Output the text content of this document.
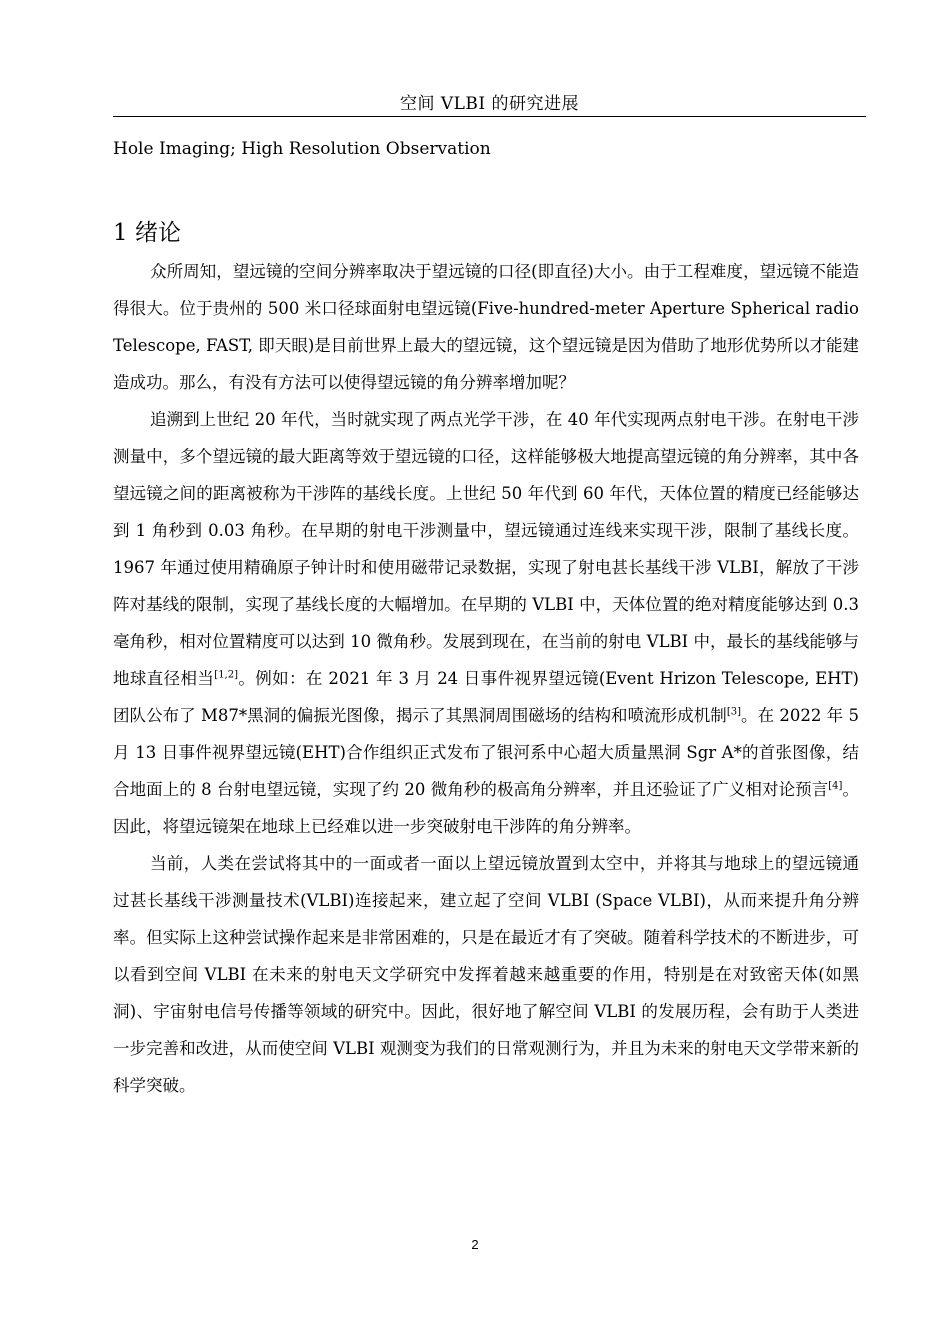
空间 VLBI 的研究进展
Hole Imaging; High Resolution Observation
1 绪论

众所周知，望远镜的空间分辨率取决于望远镜的口径(即直径)大小。由于工程难度，望远镜不能造得很大。位于贵州的 500 米口径球面射电望远镜(Five-hundred-meter Aperture Spherical radio Telescope, FAST, 即天眼)是目前世界上最大的望远镜，这个望远镜是因为借助了地形优势所以才能建造成功。那么，有没有方法可以使得望远镜的角分辨率增加呢？

追溯到上世纪 20 年代，当时就实现了两点光学干涉，在 40 年代实现两点射电干涉。在射电干涉测量中，多个望远镜的最大距离等效于望远镜的口径，这样能够极大地提高望远镜的角分辨率，其中各望远镜之间的距离被称为干涉阵的基线长度。上世纪 50 年代到 60 年代，天体位置的精度已经能够达到 1 角秒到 0.03 角秒。在早期的射电干涉测量中，望远镜通过连线来实现干涉，限制了基线长度。1967 年通过使用精确原子钟计时和使用磁带记录数据，实现了射电甚长基线干涉 VLBI，解放了干涉阵对基线的限制，实现了基线长度的大幅增加。在早期的 VLBI 中，天体位置的绝对精度能够达到 0.3 毫角秒，相对位置精度可以达到 10 微角秒。发展到现在，在当前的射电 VLBI 中，最长的基线能够与地球直径相当[1,2]。例如：在 2021 年 3 月 24 日事件视界望远镜(Event Hrizon Telescope, EHT)团队公布了 M87*黑洞的偏振光图像，揭示了其黑洞周围磁场的结构和喷流形成机制[3]。在 2022 年 5 月 13 日事件视界望远镜(EHT)合作组织正式发布了银河系中心超大质量黑洞 Sgr A*的首张图像，结合地面上的 8 台射电望远镜，实现了约 20 微角秒的极高角分辨率，并且还验证了广义相对论预言[4]。因此，将望远镜架在地球上已经难以进一步突破射电干涉阵的角分辨率。

当前，人类在尝试将其中的一面或者一面以上望远镜放置到太空中，并将其与地球上的望远镜通过甚长基线干涉测量技术(VLBI)连接起来，建立起了空间 VLBI (Space VLBI)，从而来提升角分辨率。但实际上这种尝试操作起来是非常困难的，只是在最近才有了突破。随着科学技术的不断进步，可以看到空间 VLBI 在未来的射电天文学研究中发挥着越来越重要的作用，特别是在对致密天体(如黑洞)、宇宙射电信号传播等领域的研究中。因此，很好地了解空间 VLBI 的发展历程，会有助于人类进一步完善和改进，从而使空间 VLBI 观测变为我们的日常观测行为，并且为未来的射电天文学带来新的科学突破。

2
